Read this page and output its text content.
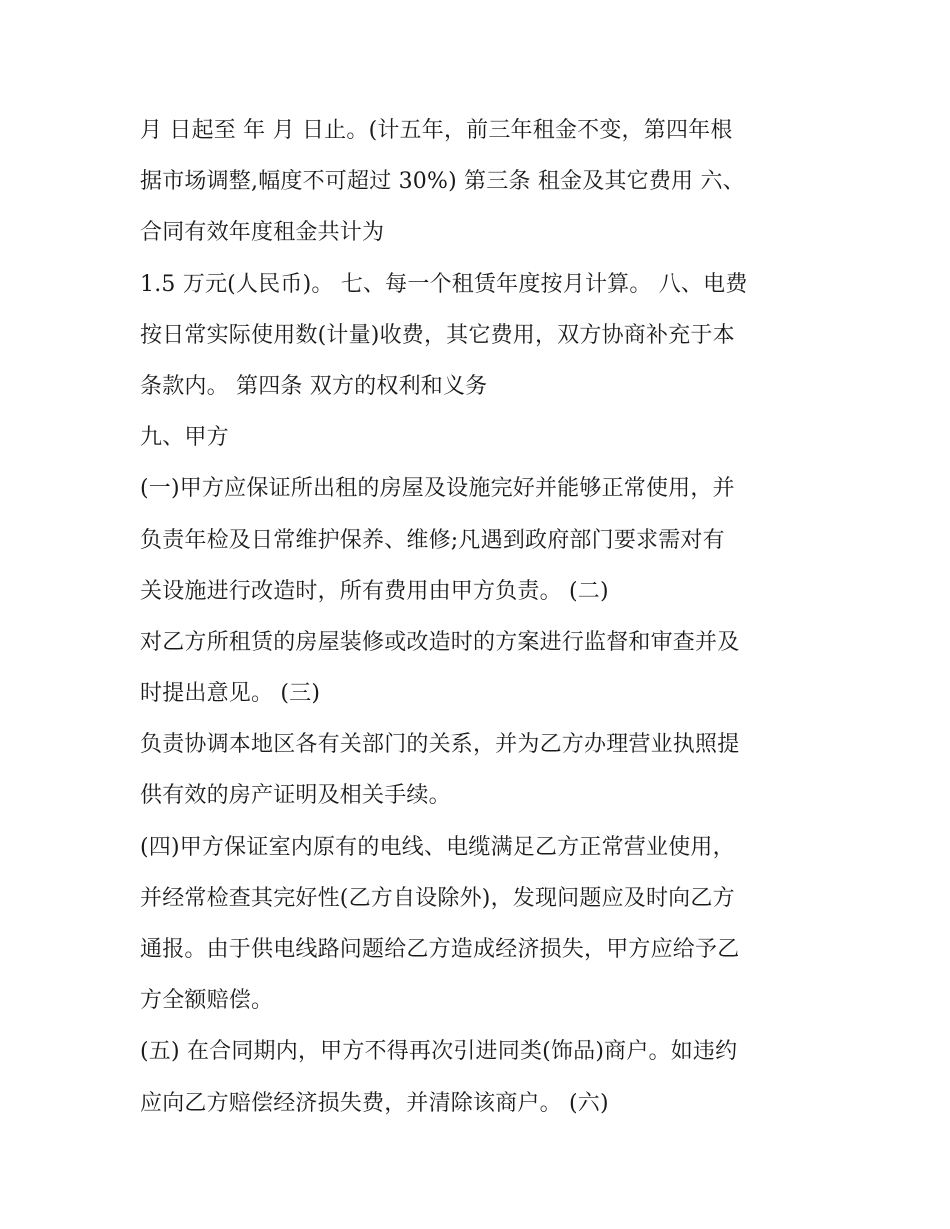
月 日起至 年 月 日止。(计五年，前三年租金不变，第四年根
据市场调整,幅度不可超过 30%) 第三条 租金及其它费用 六、
合同有效年度租金共计为
1.5 万元(人民币)。 七、每一个租赁年度按月计算。 八、电费
按日常实际使用数(计量)收费，其它费用，双方协商补充于本
条款内。 第四条 双方的权利和义务
九、甲方
(一)甲方应保证所出租的房屋及设施完好并能够正常使用，并
负责年检及日常维护保养、维修;凡遇到政府部门要求需对有
关设施进行改造时，所有费用由甲方负责。 (二)
对乙方所租赁的房屋装修或改造时的方案进行监督和审查并及
时提出意见。 (三)
负责协调本地区各有关部门的关系，并为乙方办理营业执照提
供有效的房产证明及相关手续。
(四)甲方保证室内原有的电线、电缆满足乙方正常营业使用，
并经常检查其完好性(乙方自设除外)，发现问题应及时向乙方
通报。由于供电线路问题给乙方造成经济损失，甲方应给予乙
方全额赔偿。
(五) 在合同期内，甲方不得再次引进同类(饰品)商户。如违约
应向乙方赔偿经济损失费，并清除该商户。 (六)
